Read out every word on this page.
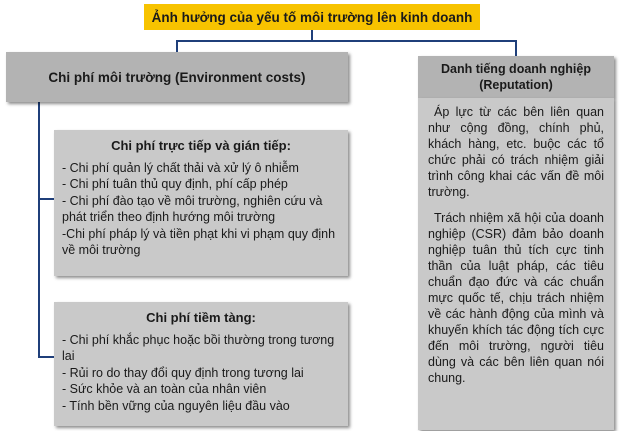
Ảnh hưởng của yếu tố môi trường lên kinh doanh
Chi phí môi trường (Environment costs)
Chi phí trực tiếp và gián tiếp:
- Chi phí quản lý chất thải và xử lý ô nhiễm
- Chi phí tuân thủ quy định, phí cấp phép
- Chi phí đào tạo về môi trường, nghiên cứu và phát triển theo định hướng môi trường
-Chi phí pháp lý và tiền phạt khi vi phạm quy định về môi trường
Chi phí tiềm tàng:
- Chi phí khắc phục hoặc bồi thường trong tương lai
- Rủi ro do thay đổi quy định trong tương lai
- Sức khỏe và an toàn của nhân viên
- Tính bền vững của nguyên liệu đầu vào
Danh tiếng doanh nghiệp
(Reputation)

Áp lực từ các bên liên quan như cộng đồng, chính phủ, khách hàng, etc. buộc các tổ chức phải có trách nhiệm giải trình công khai các vấn đề môi trường.

Trách nhiệm xã hội của doanh nghiệp (CSR) đảm bảo doanh nghiệp tuân thủ tích cực tinh thần của luật pháp, các tiêu chuẩn đạo đức và các chuẩn mực quốc tế, chịu trách nhiệm về các hành động của mình và khuyến khích tác động tích cực đến môi trường, người tiêu dùng và các bên liên quan nói chung.
